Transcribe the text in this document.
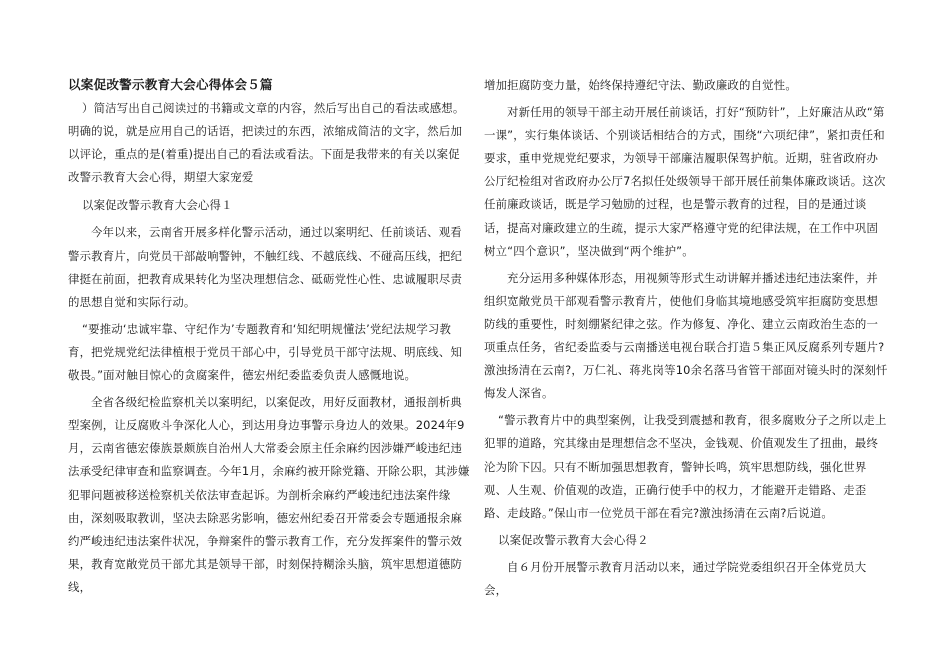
以案促改警示教育大会心得体会５篇

）简洁写出自己阅读过的书籍或文章的内容，然后写出自己的看法或感想。明确的说，就是应用自己的话语，把读过的东西，浓缩成简洁的文字，然后加以评论，重点的是(着重)提出自己的看法或看法。下面是我带来的有关以案促改警示教育大会心得，期望大家宠爱

以案促改警示教育大会心得１

今年以来，云南省开展多样化警示活动，通过以案明纪、任前谈话、观看警示教育片，向党员干部敲响警钟，不触红线、不越底线、不碰高压线，把纪律挺在前面，把教育成果转化为坚决理想信念、砥砺党性心性、忠诚履职尽责的思想自觉和实际行动。

“要推动‘忠诚牢靠、守纪作为’专题教育和‘知纪明规懂法’党纪法规学习教育，把党规党纪法律植根于党员干部心中，引导党员干部守法规、明底线、知敬畏。”面对触目惊心的贪腐案件，德宏州纪委监委负责人感慨地说。

全省各级纪检监察机关以案明纪，以案促改，用好反面教材，通报剖析典型案例，让反腐败斗争深化人心，到达用身边事警示身边人的效果。2024年9月，云南省德宏傣族景颇族自治州人大常委会原主任余麻约因涉嫌严峻违纪违法承受纪律审查和监察调查。今年1月，余麻约被开除党籍、开除公职，其涉嫌犯罪问题被移送检察机关依法审查起诉。为剖析余麻约严峻违纪违法案件缘由，深刻吸取教训，坚决去除恶劣影响，德宏州纪委召开常委会专题通报余麻约严峻违纪违法案件状况，争辩案件的警示教育工作，充分发挥案件的警示效果，教育宽敞党员干部尤其是领导干部，时刻保持糊涂头脑，筑牢思想道德防线，

增加拒腐防变力量，始终保持遵纪守法、勤政廉政的自觉性。

对新任用的领导干部主动开展任前谈话，打好“预防针”，上好廉洁从政“第一课”，实行集体谈话、个别谈话相结合的方式，围绕“六项纪律”，紧扣责任和要求，重申党规党纪要求，为领导干部廉洁履职保驾护航。近期，驻省政府办公厅纪检组对省政府办公厅7名拟任处级领导干部开展任前集体廉政谈话。这次任前廉政谈话，既是学习勉励的过程，也是警示教育的过程，目的是通过谈话，提高对廉政建立的生疏，提示大家严格遵守党的纪律法规，在工作中巩固树立“四个意识”，坚决做到“两个维护”。

充分运用多种媒体形态，用视频等形式生动讲解并播述违纪违法案件，并组织宽敞党员干部观看警示教育片，使他们身临其境地感受筑牢拒腐防变思想防线的重要性，时刻绷紧纪律之弦。作为修复、净化、建立云南政治生态的一项重点任务，省纪委监委与云南播送电视台联合打造５集正风反腐系列专题片?激浊扬清在云南?，万仁礼、蒋兆岗等10余名落马省管干部面对镜头时的深刻忏悔发人深省。

“警示教育片中的典型案例，让我受到震撼和教育，很多腐败分子之所以走上犯罪的道路，究其缘由是理想信念不坚决，金钱观、价值观发生了扭曲，最终沦为阶下囚。只有不断加强思想教育，警钟长鸣，筑牢思想防线，强化世界观、人生观、价值观的改造，正确行使手中的权力，才能避开走错路、走歪路、走歧路。”保山市一位党员干部在看完?激浊扬清在云南?后说道。

以案促改警示教育大会心得２

自６月份开展警示教育月活动以来，通过学院党委组织召开全体党员大会，
